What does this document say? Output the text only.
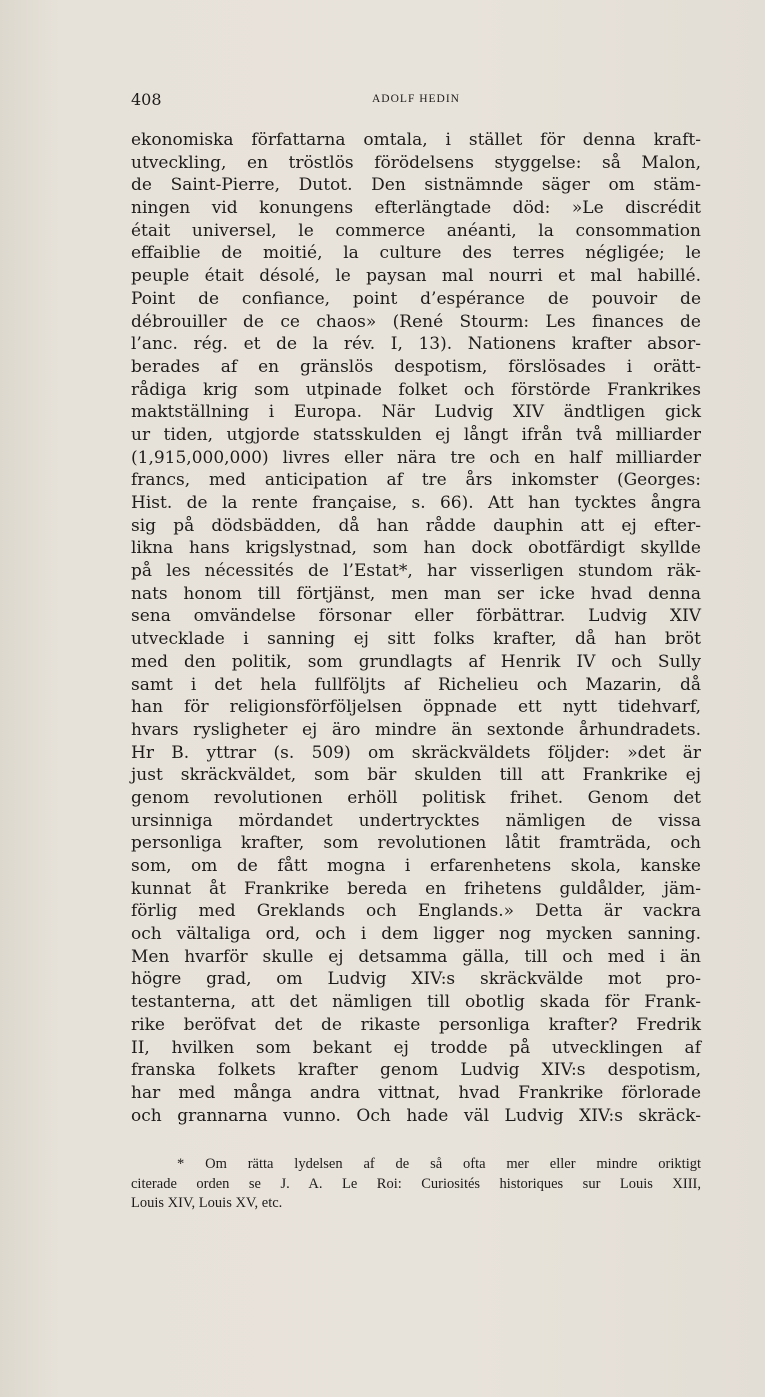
408	ADOLF HEDIN
ekonomiska författarna omtala, i stället för denna kraft-
utveckling, en tröstlös förödelsens styggelse: så Malon,
de Saint-Pierre, Dutot. Den sistnämnde säger om stäm-
ningen vid konungens efterlängtade död: »Le discrédit
était universel, le commerce anéanti, la consommation
effaiblie de moitié, la culture des terres négligée; le
peuple était désolé, le paysan mal nourri et mal habillé.
Point de confiance, point d’espérance de pouvoir de
débrouiller de ce chaos» (René Stourm: Les finances de
l’anc. rég. et de la rév. I, 13). Nationens krafter absor-
berades af en gränslös despotism, förslösades i orätt-
rådiga krig som utpinade folket och förstörde Frankrikes
maktställning i Europa. När Ludvig XIV ändtligen gick
ur tiden, utgjorde statsskulden ej långt ifrån två milliarder
(1,915,000,000) livres eller nära tre och en half milliarder
francs, med anticipation af tre års inkomster (Georges:
Hist. de la rente française, s. 66). Att han tycktes ångra
sig på dödsbädden, då han rådde dauphin att ej efter-
likna hans krigslystnad, som han dock obotfärdigt skyllde
på les nécessités de l’Estat*, har visserligen stundom räk-
nats honom till förtjänst, men man ser icke hvad denna
sena omvändelse försonar eller förbättrar. Ludvig XIV
utvecklade i sanning ej sitt folks krafter, då han bröt
med den politik, som grundlagts af Henrik IV och Sully
samt i det hela fullföljts af Richelieu och Mazarin, då
han för religionsförföljelsen öppnade ett nytt tidehvarf,
hvars rysligheter ej äro mindre än sextonde århundradets.
Hr B. yttrar (s. 509) om skräckväldets följder: »det är
just skräckväldet, som bär skulden till att Frankrike ej
genom revolutionen erhöll politisk frihet. Genom det
ursinniga mördandet undertrycktes nämligen de vissa
personliga krafter, som revolutionen låtit framträda, och
som, om de fått mogna i erfarenhetens skola, kanske
kunnat åt Frankrike bereda en frihetens guldålder, jäm-
förlig med Greklands och Englands.» Detta är vackra
och vältaliga ord, och i dem ligger nog mycken sanning.
Men hvarför skulle ej detsamma gälla, till och med i än
högre grad, om Ludvig XIV:s skräckvälde mot pro-
testanterna, att det nämligen till obotlig skada för Frank-
rike beröfvat det de rikaste personliga krafter? Fredrik
II, hvilken som bekant ej trodde på utvecklingen af
franska folkets krafter genom Ludvig XIV:s despotism,
har med många andra vittnat, hvad Frankrike förlorade
och grannarna vunno. Och hade väl Ludvig XIV:s skräck-
* Om rätta lydelsen af de så ofta mer eller mindre oriktigt
citerade orden se J. A. Le Roi: Curiosités historiques sur Louis XIII,
Louis XIV, Louis XV, etc.
